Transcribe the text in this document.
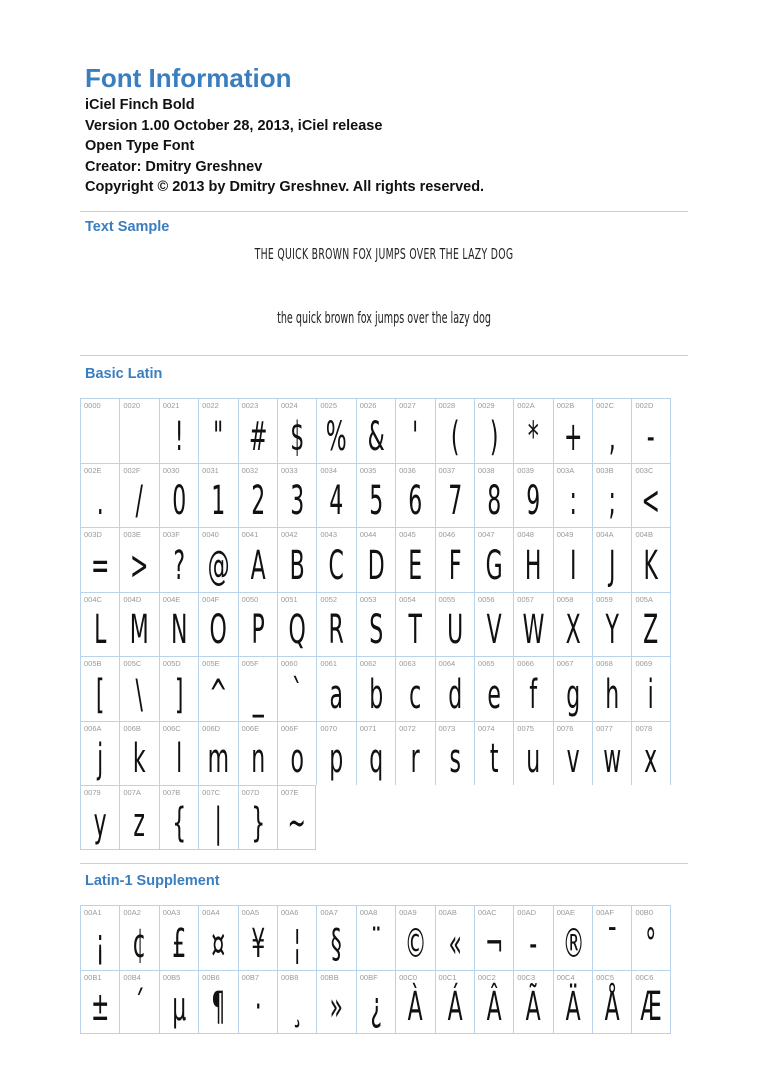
Font Information
iCiel Finch Bold
Version 1.00 October 28, 2013, iCiel release
Open Type Font
Creator: Dmitry Greshnev
Copyright © 2013 by Dmitry Greshnev. All rights reserved.
Text Sample
THE QUICK BROWN FOX JUMPS OVER THE LAZY DOG
the quick brown fox jumps over the lazy dog
Basic Latin
0000	0020	0021
!
0022
"
0023
#
0024
$
0025
%
0026
&
0027
'
0028
(
0029
)
002A
*
002B
+
002C
,
002D
-
002E
.
002F
/
0030
0
0031
1
0032
2
0033
3
0034
4
0035
5
0036
6
0037
7
0038
8
0039
9
003A
:
003B
;
003C
<
003D
=
003E
>
003F
?
0040
@
0041
A
0042
B
0043
C
0044
D
0045
E
0046
F
0047
G
0048
H
0049
I
004A
J
004B
K
004C
L
004D
M
004E
N
004F
O
0050
P
0051
Q
0052
R
0053
S
0054
T
0055
U
0056
V
0057
W
0058
X
0059
Y
005A
Z
005B
[
005C
\
005D
]
005E
^
005F
_
0060
`
0061
a
0062
b
0063
c
0064
d
0065
e
0066
f
0067
g
0068
h
0069
i
006A
j
006B
k
006C
l
006D
m
006E
n
006F
o
0070
p
0071
q
0072
r
0073
s
0074
t
0075
u
0076
v
0077
w
0078
x
0079
y
007A
z
007B
{
007C
|
007D
}
007E
~
Latin-1 Supplement
00A1
¡
00A2
¢
00A3
£
00A4
¤
00A5
¥
00A6
¦
00A7
§
00A8
¨
00A9
©
00AB
«
00AC
¬
00AD
-
00AE
®
00AF
¯
00B0
°
00B1
±
00B4
´
00B5
µ
00B6
¶
00B7
·
00B8
¸
00BB
»
00BF
¿
00C0
À
00C1
Á
00C2
Â
00C3
Ã
00C4
Ä
00C5
Å
00C6
Æ
